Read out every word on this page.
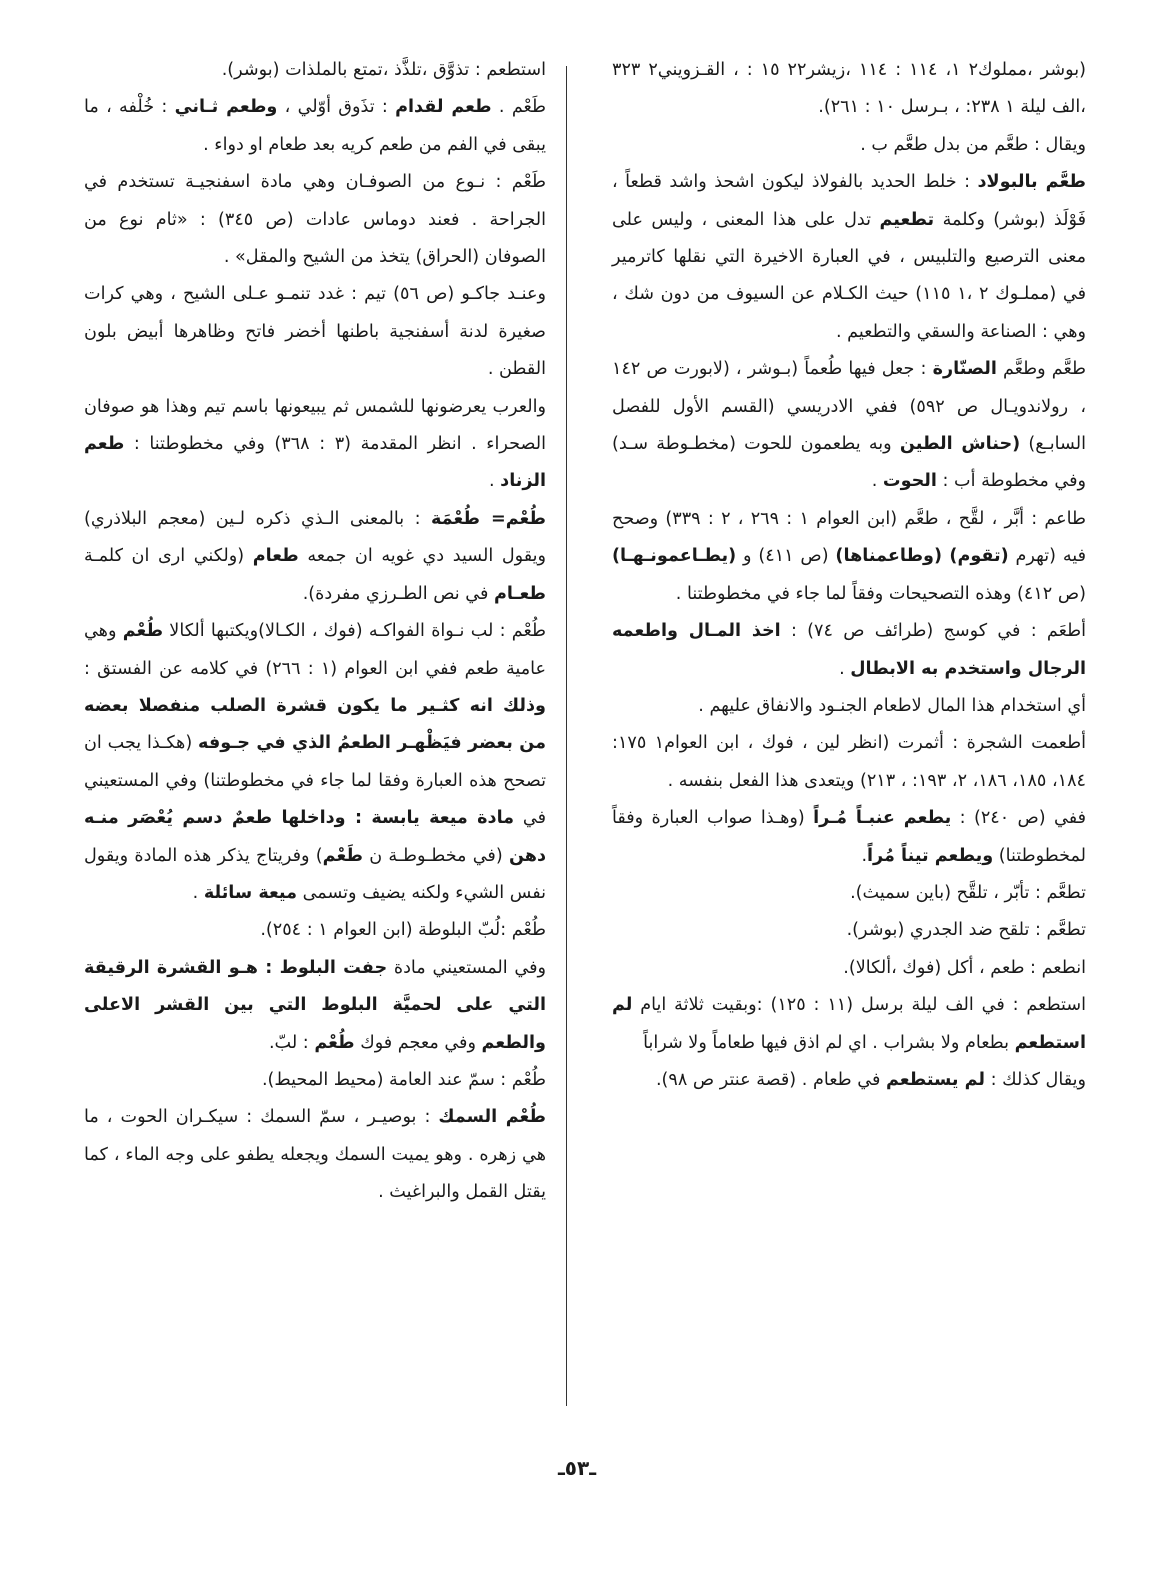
(بوشر ،مملوك٢ ١، ١١٤ : ١١٤ ،زيشر٢٢ ١٥ : ، القـزويني٢ ٣٢٣ ،الف ليلة ١ ٢٣٨: ، بـرسل ١٠ : ٢٦١).

ويقال : طعَّم من بدل طعَّم ب .

طعَّم بالبولاد : خلط الحديد بالفولاذ ليكون اشحذ واشد قطعاً ، فَوْلَذ (بوشر) وكلمة تطعيم تدل على هذا المعنى ، وليس على معنى الترصيع والتلبيس ، في العبارة الاخيرة التي نقلها كاترمير في (مملـوك ٢ ،١ ١١٥) حيث الكـلام عن السيوف من دون شك ، وهي : الصناعة والسقي والتطعيم .

طعَّم وطعَّم الصنّارة : جعل فيها طُعماً (بـوشر ، (لابورت ص ١٤٢ ، رولاندويـال ص ٥٩٢) ففي الادريسي (القسم الأول للفصل السابـع) (حناش الطين وبه يطعمون للحوت (مخطـوطة سـد) وفي مخطوطة أب : الحوت .

طاعم : أبَّر ، لقَّح ، طعَّم (ابن العوام ١ : ٢٦٩ ، ٢ : ٣٣٩) وصحح فيه (تهرم (تقوم) (وطاعمناها) (ص ٤١١) و (يطـاعمونـهـا) (ص ٤١٢) وهذه التصحيحات وفقاً لما جاء في مخطوطتنا .

أطعَم : في كوسج (طرائف ص ٧٤) : اخذ المـال واطعمه الرجال واستخدم به الابطال .

أي استخدام هذا المال لاطعام الجنـود والانفاق عليهم .

أطعمت الشجرة : أثمرت (انظر لين ، فوك ، ابن العوام١ ١٧٥: ١٨٤، ١٨٥، ١٨٦، ٢، ١٩٣: ، ٢١٣) ويتعدى هذا الفعل بنفسه .

ففي (ص ٢٤٠) : يطعم عنبـاً مُـراً (وهـذا صواب العبارة وفقاً لمخطوطتنا) ويطعم تيناً مُراً.

تطعَّم : تأبّر ، تلقَّح (باين سميث).

تطعَّم : تلقح ضد الجدري (بوشر).

انطعم : طعم ، أكل (فوك ،ألكالا).

استطعم : في الف ليلة برسل (١١ : ١٢٥) :وبقيت ثلاثة ايام لم استطعم بطعام ولا بشراب . اي لم اذق فيها طعاماً ولا شراباً

ويقال كذلك : لم يستطعم في طعام . (قصة عنتر ص ٩٨).

استطعم : تذوَّق ،تلذَّذ ،تمتع بالملذات (بوشر).

طَعْم . طعم لقدام : تذَوق أوّلي ، وطعم ثـاني : خُلْفه ، ما يبقى في الفم من طعم كريه بعد طعام او دواء .

طَعْم : نـوع من الصوفـان وهي مادة اسفنجيـة تستخدم في الجراحة . فعند دوماس عادات (ص ٣٤٥) : «ثام نوع من الصوفان (الحراق) يتخذ من الشيح والمقل» .

وعنـد جاكـو (ص ٥٦) تيم : غدد تنمـو عـلى الشيح ، وهي كرات صغيرة لدنة أسفنجية باطنها أخضر فاتح وظاهرها أبيض بلون القطن .

والعرب يعرضونها للشمس ثم يبيعونها باسم تيم وهذا هو صوفان الصحراء . انظر المقدمة (٣ : ٣٦٨) وفي مخطوطتنا : طعم الزناد .

طُعْم= طُعْمَة : بالمعنى الـذي ذكره لـين (معجم البلاذري) ويقول السيد دي غويه ان جمعه طعام (ولكني اری ان كلمـة طعـام في نص الطـرزي مفردة).

طُعْم : لب نـواة الفواكـه (فوك ، الكـالا)ويكتبها ألكالا طُعْم وهي عامية طعم ففي ابن العوام (١ : ٢٦٦) في كلامه عن الفستق : وذلك انه كثـير ما يكون قشرة الصلب منفصلا بعضه من بعضر فيَظْهـر الطعمُ الذي في جـوفه (هكـذا يجب ان تصحح هذه العبارة وفقا لما جاء في مخطوطتنا) وفي المستعيني في مادة ميعة يابسة : وداخلها طعمٌ دسم يُعْصَر منـه دهن (في مخطـوطـة ن طَعْم) وفريتاج يذكر هذه المادة ويقول نفس الشيء ولكنه يضيف وتسمى ميعة سائلة .

طُعْم :لُبّ البلوطة (ابن العوام ١ : ٢٥٤).

وفي المستعيني مادة جفت البلوط : هـو القشرة الرقيقة التي على لحميَّة البلوط التي بين القشر الاعلى والطعم وفي معجم فوك طُعْم : لبّ.

طُعْم : سمّ عند العامة (محيط المحيط).

طُعْم السمك : بوصيـر ، سمّ السمك : سيكـران الحوت ، ما هي زهره . وهو يميت السمك ويجعله يطفو على وجه الماء ، كما يقتل القمل والبراغيث .

ـ٥٣ـ
